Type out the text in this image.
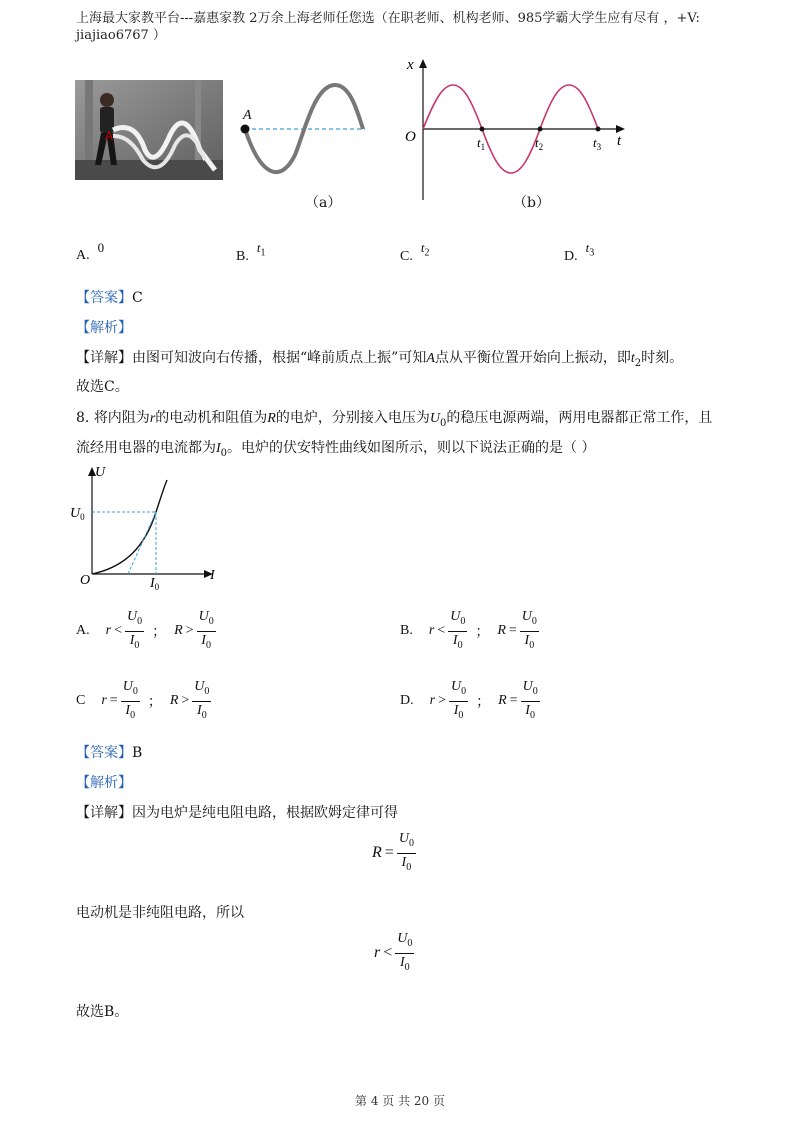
上海最大家教平台---嘉惠家教 2万余上海老师任您选（在职老师、机构老师、985学霸大学生应有尽有 ，+V:
jiajiao6767 ）
A
A
（a）
x
t
O	$t_1$	$t_2$	$t_3$
（b）
A.
0
B.
$t_1$	C.
$t_2$	D.
$t_3$
【答案】C
【解析】
【详解】由图可知波向右传播，根据“峰前质点上振”可知A点从平衡位置开始向上振动，即$t_2$时刻。
故选C。
8. 将内阻为r的电动机和阻值为R的电炉，分别接入电压为$U_0$的稳压电源两端，两用电器都正常工作，且
流经用电器的电流都为$I_0$。电炉的伏安特性曲线如图所示，则以下说法正确的是（ ）
U
I
O
$U_0$
$I_0$
A. $r < \frac{U_0}{I_0}$ ； $R > \frac{U_0}{I_0}$	B. $r < \frac{U_0}{I_0}$ ； $R = \frac{U_0}{I_0}$
C $r = \frac{U_0}{I_0}$ ； $R > \frac{U_0}{I_0}$	D. $r > \frac{U_0}{I_0}$ ； $R = \frac{U_0}{I_0}$
【答案】B
【解析】
【详解】因为电炉是纯电阻电路，根据欧姆定律可得
$R = \frac{U_0}{I_0}$
电动机是非纯阻电路，所以
$r < \frac{U_0}{I_0}$
故选B。
第 4 页 共 20 页
